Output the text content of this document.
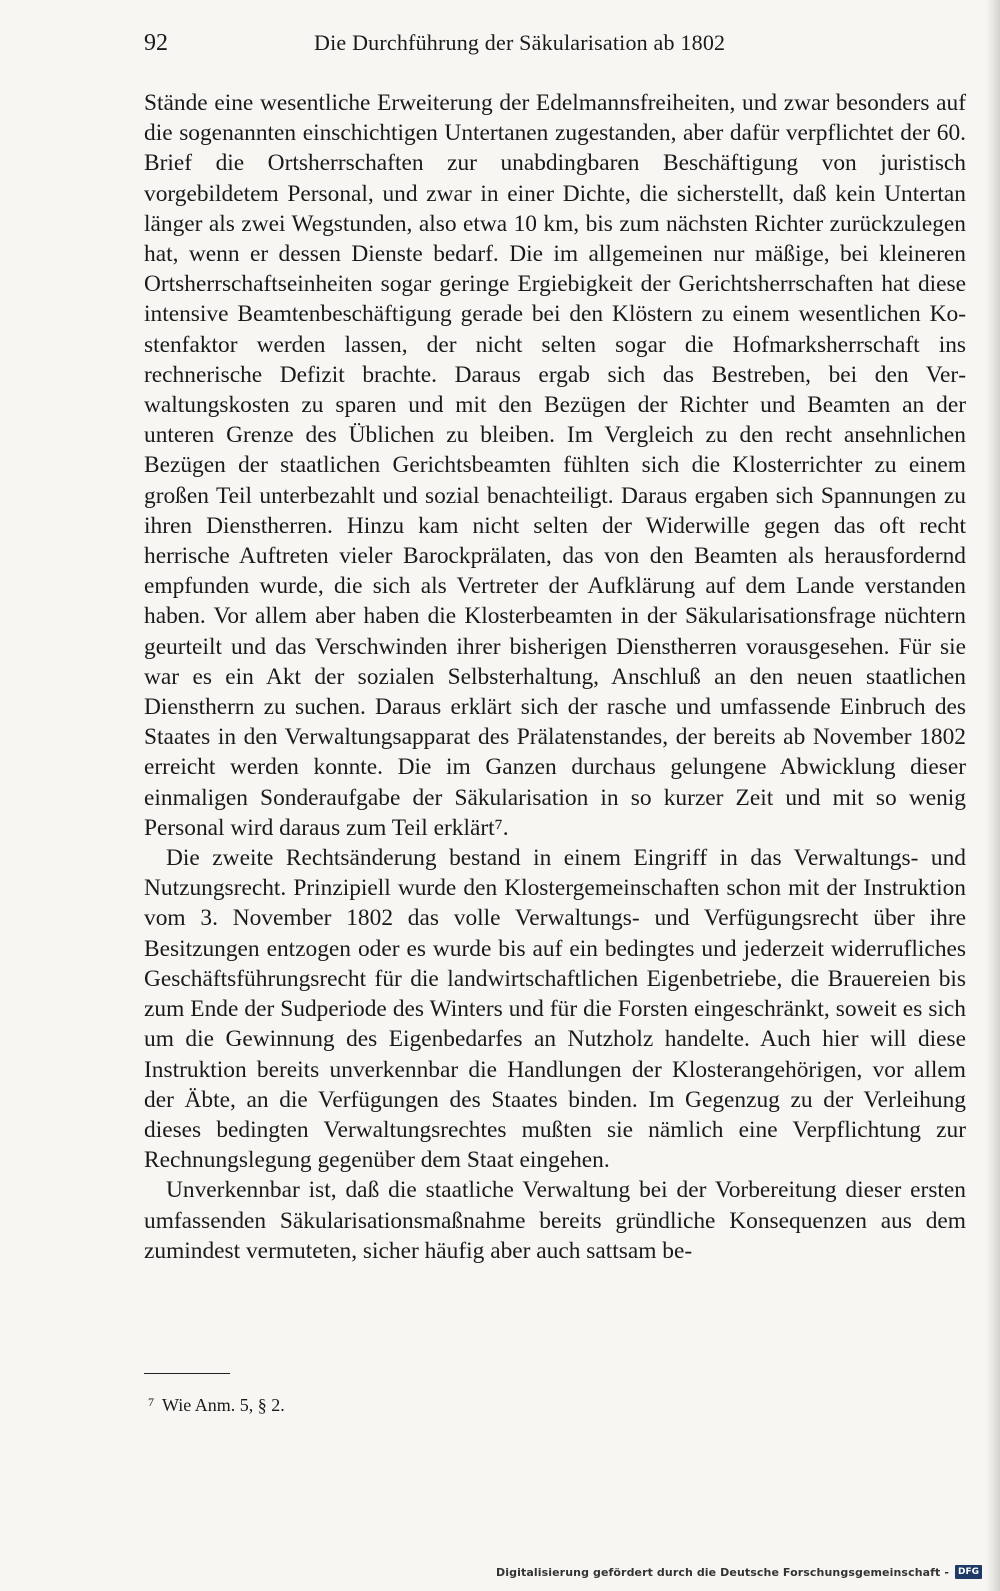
92	Die Durchführung der Säkularisation ab 1802

Stände eine wesentliche Erweiterung der Edelmannsfreiheiten, und zwar besonders auf die sogenannten einschichtigen Untertanen zugestanden, aber dafür verpflichtet der 60. Brief die Ortsherrschaften zur unabdingbaren Beschäftigung von juristisch vorgebildetem Personal, und zwar in einer Dichte, die sicherstellt, daß kein Untertan länger als zwei Wegstunden, also etwa 10 km, bis zum nächsten Richter zurückzulegen hat, wenn er dessen Dienste bedarf. Die im allgemeinen nur mäßige, bei kleineren Ortsherrschaftseinheiten sogar geringe Ergiebigkeit der Gerichtsherrschaften hat diese intensive Beamtenbeschäftigung gerade bei den Klöstern zu einem wesentlichen Kostenfaktor werden lassen, der nicht selten sogar die Hofmarksherrschaft ins rechnerische Defizit brachte. Daraus ergab sich das Bestreben, bei den Verwaltungskosten zu sparen und mit den Bezügen der Richter und Beamten an der unteren Grenze des Üblichen zu bleiben. Im Vergleich zu den recht ansehnlichen Bezügen der staatlichen Gerichtsbeamten fühlten sich die Klosterrichter zu einem großen Teil unterbezahlt und sozial benachteiligt. Daraus ergaben sich Spannungen zu ihren Dienstherren. Hinzu kam nicht selten der Widerwille gegen das oft recht herrische Auftreten vieler Barockprälaten, das von den Beamten als herausfordernd empfunden wurde, die sich als Vertreter der Aufklärung auf dem Lande verstanden haben. Vor allem aber haben die Klosterbeamten in der Säkularisationsfrage nüchtern geurteilt und das Verschwinden ihrer bisherigen Dienstherren vorausgesehen. Für sie war es ein Akt der sozialen Selbsterhaltung, Anschluß an den neuen staatlichen Dienstherrn zu suchen. Daraus erklärt sich der rasche und umfassende Einbruch des Staates in den Verwaltungsapparat des Prälatenstandes, der bereits ab November 1802 erreicht werden konnte. Die im Ganzen durchaus gelungene Abwicklung dieser einmaligen Sonderaufgabe der Säkularisation in so kurzer Zeit und mit so wenig Personal wird daraus zum Teil erklärt⁷.

Die zweite Rechtsänderung bestand in einem Eingriff in das Verwaltungs- und Nutzungsrecht. Prinzipiell wurde den Klostergemeinschaften schon mit der Instruktion vom 3. November 1802 das volle Verwaltungs- und Verfügungsrecht über ihre Besitzungen entzogen oder es wurde bis auf ein bedingtes und jederzeit widerrufliches Geschäftsführungsrecht für die landwirtschaftlichen Eigenbetriebe, die Brauereien bis zum Ende der Sudperiode des Winters und für die Forsten eingeschränkt, soweit es sich um die Gewinnung des Eigenbedarfes an Nutzholz handelte. Auch hier will diese Instruktion bereits unverkennbar die Handlungen der Klosterangehörigen, vor allem der Äbte, an die Verfügungen des Staates binden. Im Gegenzug zu der Verleihung dieses bedingten Verwaltungsrechtes mußten sie nämlich eine Verpflichtung zur Rechnungslegung gegenüber dem Staat eingehen.

Unverkennbar ist, daß die staatliche Verwaltung bei der Vorbereitung dieser ersten umfassenden Säkularisationsmaßnahme bereits gründliche Konsequenzen aus dem zumindest vermuteten, sicher häufig aber auch sattsam be-

$^7$ Wie Anm. 5, § 2.
Digitalisierung gefördert durch die Deutsche Forschungsgemeinschaft -	DFG
